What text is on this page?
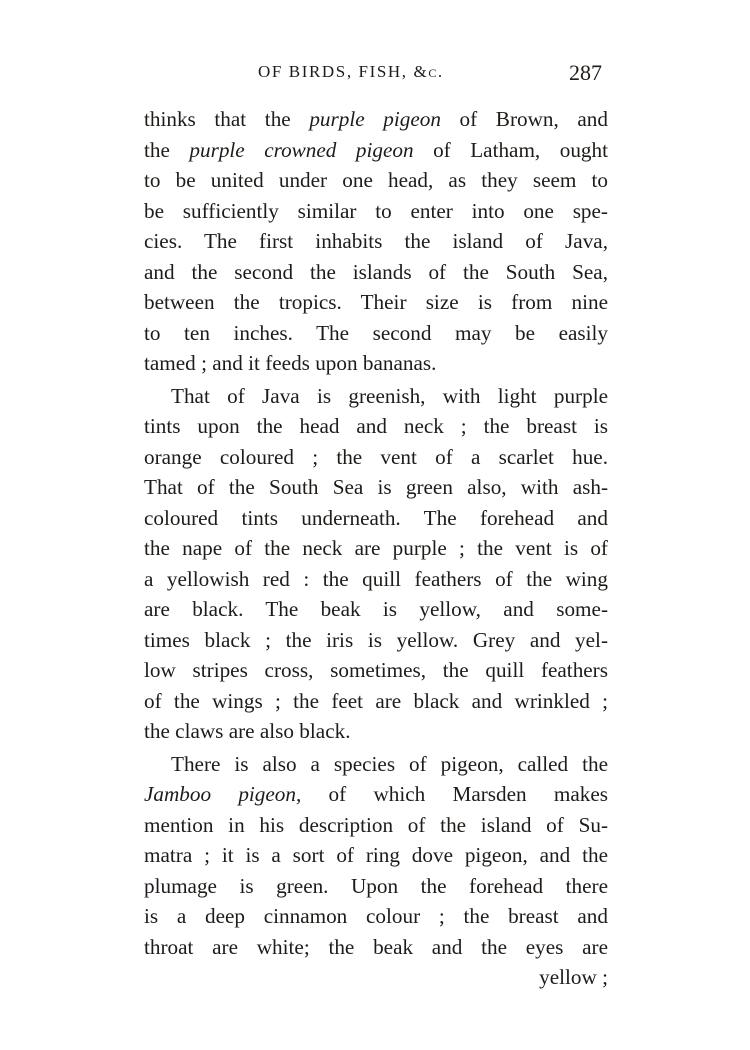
OF BIRDS, FISH, &c.	287
thinks that the purple pigeon of Brown, and
the purple crowned pigeon of Latham, ought
to be united under one head, as they seem to
be sufficiently similar to enter into one spe-
cies. The first inhabits the island of Java,
and the second the islands of the South Sea,
between the tropics. Their size is from nine
to ten inches. The second may be easily
tamed ; and it feeds upon bananas.
That of Java is greenish, with light purple
tints upon the head and neck ; the breast is
orange coloured ; the vent of a scarlet hue.
That of the South Sea is green also, with ash-
coloured tints underneath. The forehead and
the nape of the neck are purple ; the vent is of
a yellowish red : the quill feathers of the wing
are black. The beak is yellow, and some-
times black ; the iris is yellow. Grey and yel-
low stripes cross, sometimes, the quill feathers
of the wings ; the feet are black and wrinkled ;
the claws are also black.
There is also a species of pigeon, called the
Jamboo pigeon, of which Marsden makes
mention in his description of the island of Su-
matra ; it is a sort of ring dove pigeon, and the
plumage is green. Upon the forehead there
is a deep cinnamon colour ; the breast and
throat are white; the beak and the eyes are
yellow ;
